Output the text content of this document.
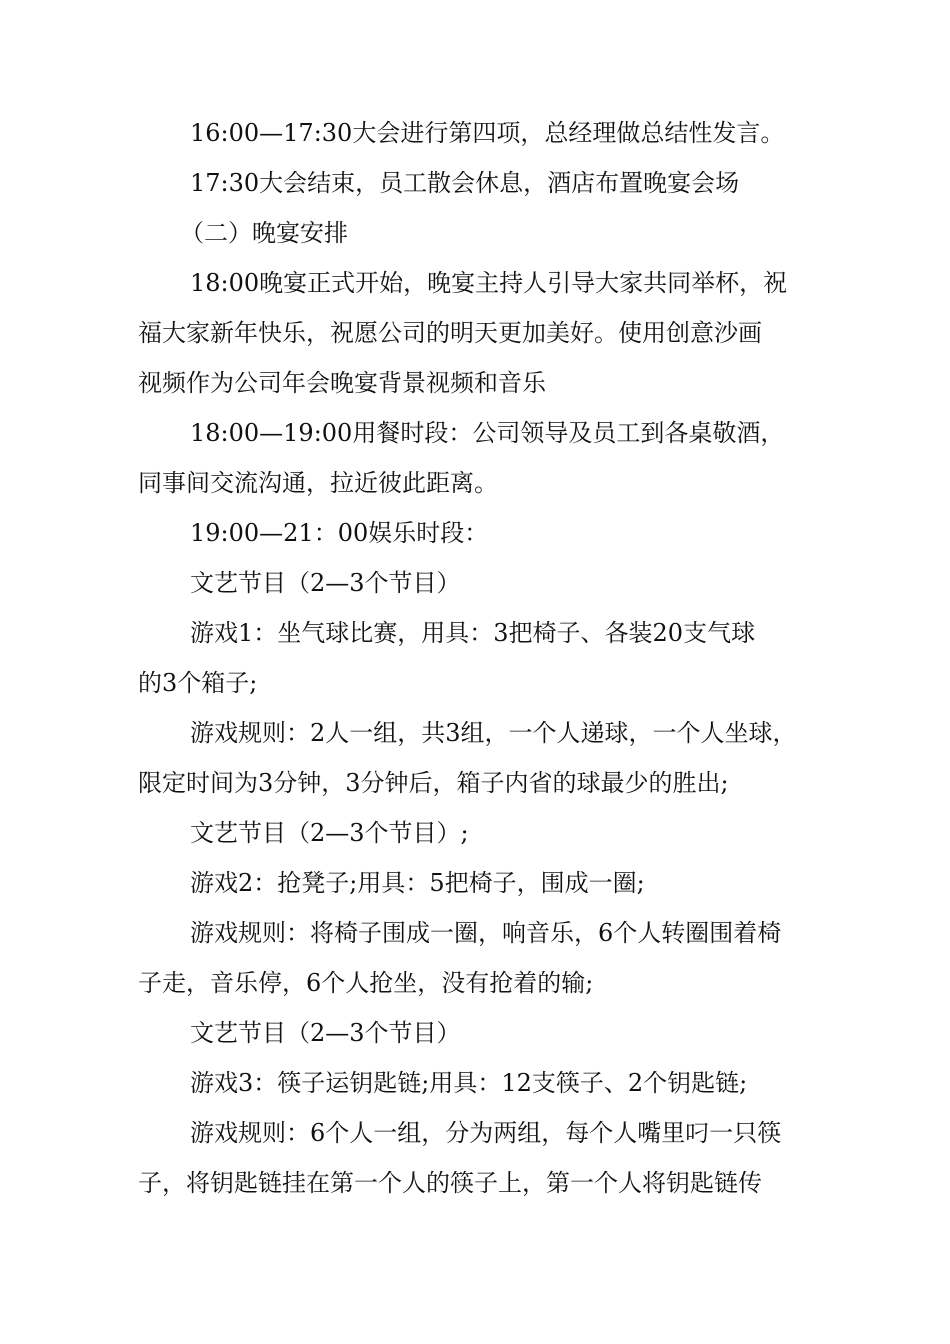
16:00—17:30大会进行第四项，总经理做总结性发言。
17:30大会结束，员工散会休息，酒店布置晚宴会场
（二）晚宴安排
18:00晚宴正式开始，晚宴主持人引导大家共同举杯，祝
福大家新年快乐，祝愿公司的明天更加美好。使用创意沙画
视频作为公司年会晚宴背景视频和音乐
18:00—19:00用餐时段：公司领导及员工到各桌敬酒，
同事间交流沟通，拉近彼此距离。
19:00—21：00娱乐时段：
文艺节目（2—3个节目）
游戏1：坐气球比赛，用具：3把椅子、各装20支气球
的3个箱子;
游戏规则：2人一组，共3组，一个人递球，一个人坐球，
限定时间为3分钟，3分钟后，箱子内省的球最少的胜出;
文艺节目（2—3个节目）;
游戏2：抢凳子;用具：5把椅子，围成一圈;
游戏规则：将椅子围成一圈，响音乐，6个人转圈围着椅
子走，音乐停，6个人抢坐，没有抢着的输;
文艺节目（2—3个节目）
游戏3：筷子运钥匙链;用具：12支筷子、2个钥匙链;
游戏规则：6个人一组，分为两组，每个人嘴里叼一只筷
子，将钥匙链挂在第一个人的筷子上，第一个人将钥匙链传
